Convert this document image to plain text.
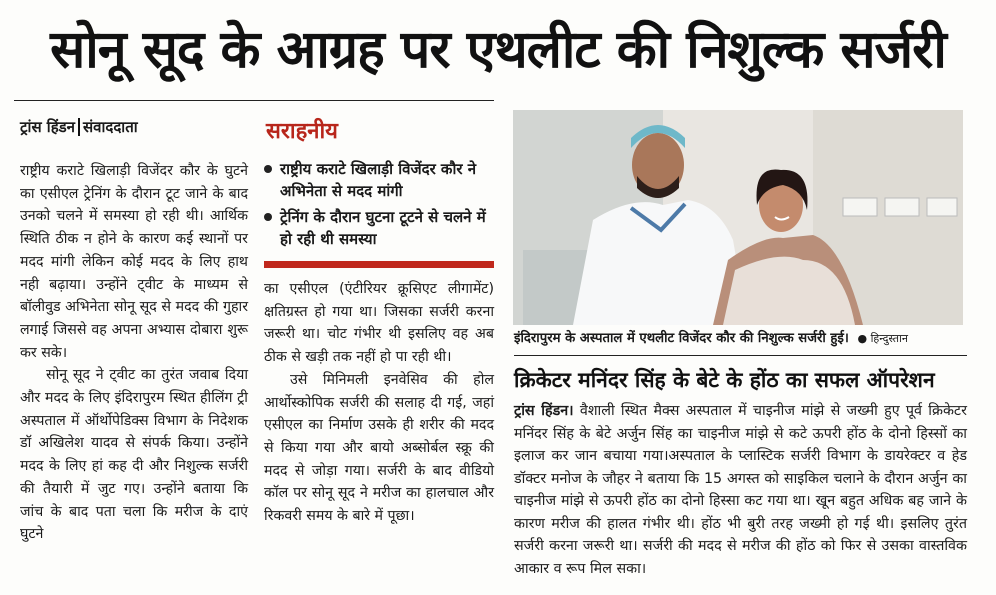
सोनू सूद के आग्रह पर एथलीट की निशुल्क सर्जरी
ट्रांस हिंडन संवाददाता

राष्ट्रीय कराटे खिलाड़ी विजेंदर कौर के घुटने का एसीएल ट्रेनिंग के दौरान टूट जाने के बाद उनको चलने में समस्या हो रही थी। आर्थिक स्थिति ठीक न होने के कारण कई स्थानों पर मदद मांगी लेकिन कोई मदद के लिए हाथ नही बढ़ाया। उन्होंने ट्वीट के माध्यम से बॉलीवुड अभिनेता सोनू सूद से मदद की गुहार लगाई जिससे वह अपना अभ्यास दोबारा शुरू कर सके।

सोनू सूद ने ट्वीट का तुरंत जवाब दिया और मदद के लिए इंदिरापुरम स्थित हीलिंग ट्री अस्पताल में ऑर्थोपेडिक्स विभाग के निदेशक डॉ अखिलेश यादव से संपर्क किया। उन्होंने मदद के लिए हां कह दी और निशुल्क सर्जरी की तैयारी में जुट गए। उन्होंने बताया कि जांच के बाद पता चला कि मरीज के दाएं घुटने

सराहनीय
राष्ट्रीय कराटे खिलाड़ी विजेंदर कौर ने अभिनेता से मदद मांगी
ट्रेनिंग के दौरान घुटना टूटने से चलने में हो रही थी समस्या

का एसीएल (एंटीरियर क्रूसिएट लीगामेंट) क्षतिग्रस्त हो गया था। जिसका सर्जरी करना जरूरी था। चोट गंभीर थी इसलिए वह अब ठीक से खड़ी तक नहीं हो पा रही थी।

उसे मिनिमली इनवेसिव की होल आर्थोस्कोपिक सर्जरी की सलाह दी गई, जहां एसीएल का निर्माण उसके ही शरीर की मदद से किया गया और बायो अब्सोर्बल स्क्रू की मदद से जोड़ा गया। सर्जरी के बाद वीडियो कॉल पर सोनू सूद ने मरीज का हालचाल और रिकवरी समय के बारे में पूछा।

इंदिरापुरम के अस्पताल में एथलीट विजेंदर कौर की निशुल्क सर्जरी हुई। ● हिन्दुस्तान
क्रिकेटर मनिंदर सिंह के बेटे के होंठ का सफल ऑपरेशन

ट्रांस हिंडन। वैशाली स्थित मैक्स अस्पताल में चाइनीज मांझे से जख्मी हुए पूर्व क्रिकेटर मनिंदर सिंह के बेटे अर्जुन सिंह का चाइनीज मांझे से कटे ऊपरी होंठ के दोनो हिस्सों का इलाज कर जान बचाया गया।अस्पताल के प्लास्टिक सर्जरी विभाग के डायरेक्टर व हेड डॉक्टर मनोज के जौहर ने बताया कि 15 अगस्त को साइकिल चलाने के दौरान अर्जुन का चाइनीज मांझे से ऊपरी होंठ का दोनो हिस्सा कट गया था। खून बहुत अधिक बह जाने के कारण मरीज की हालत गंभीर थी। होंठ भी बुरी तरह जख्मी हो गई थी। इसलिए तुरंत सर्जरी करना जरूरी था। सर्जरी की मदद से मरीज की होंठ को फिर से उसका वास्तविक आकार व रूप मिल सका।
